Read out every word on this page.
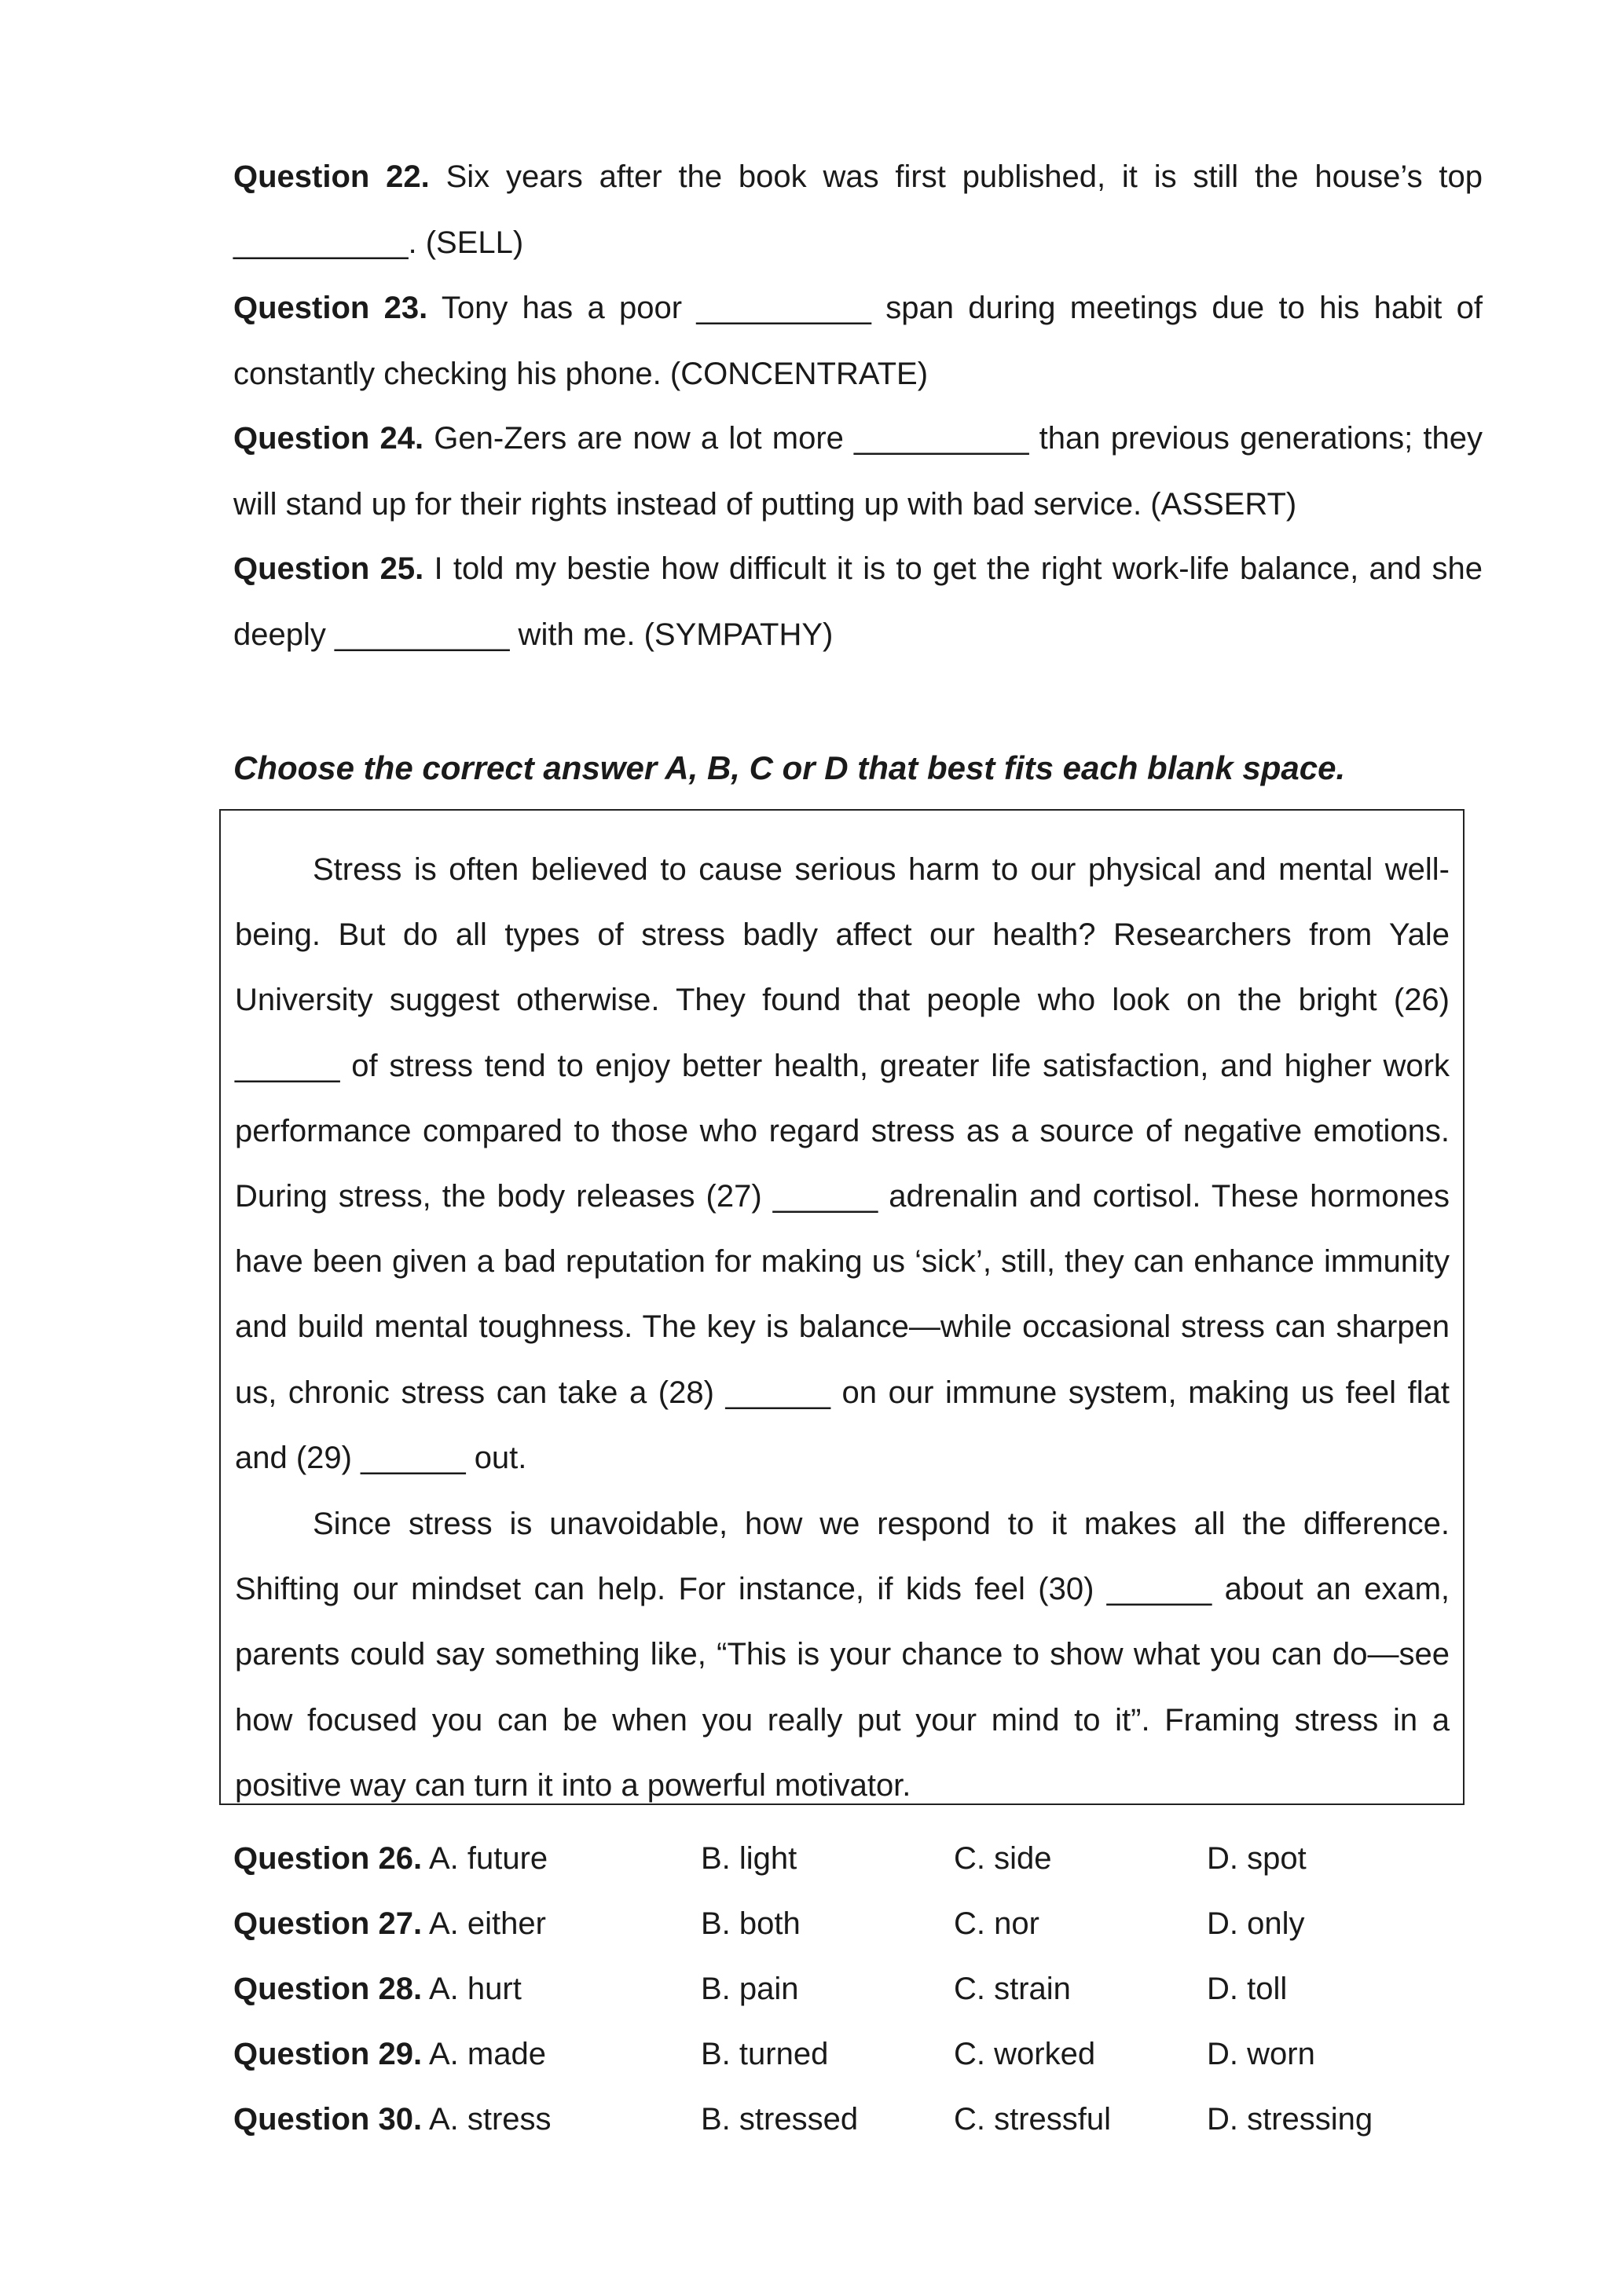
Question 22. Six years after the book was first published, it is still the house’s top __________. (SELL)
Question 23. Tony has a poor __________ span during meetings due to his habit of constantly checking his phone. (CONCENTRATE)
Question 24. Gen-Zers are now a lot more __________ than previous generations; they will stand up for their rights instead of putting up with bad service. (ASSERT)
Question 25. I told my bestie how difficult it is to get the right work-life balance, and she deeply __________ with me. (SYMPATHY)
Choose the correct answer A, B, C or D that best fits each blank space.

Stress is often believed to cause serious harm to our physical and mental well-being. But do all types of stress badly affect our health? Researchers from Yale University suggest otherwise. They found that people who look on the bright (26) ______ of stress tend to enjoy better health, greater life satisfaction, and higher work performance compared to those who regard stress as a source of negative emotions. During stress, the body releases (27) ______ adrenalin and cortisol. These hormones have been given a bad reputation for making us ‘sick’, still, they can enhance immunity and build mental toughness. The key is balance—while occasional stress can sharpen us, chronic stress can take a (28) ______ on our immune system, making us feel flat and (29) ______ out.

Since stress is unavoidable, how we respond to it makes all the difference. Shifting our mindset can help. For instance, if kids feel (30) ______ about an exam, parents could say something like, “This is your chance to show what you can do—see how focused you can be when you really put your mind to it”. Framing stress in a positive way can turn it into a powerful motivator.

Question 26. A. future	B. light	C. side	D. spot
Question 27. A. either	B. both	C. nor	D. only
Question 28. A. hurt	B. pain	C. strain	D. toll
Question 29. A. made	B. turned	C. worked	D. worn
Question 30. A. stress	B. stressed	C. stressful	D. stressing
